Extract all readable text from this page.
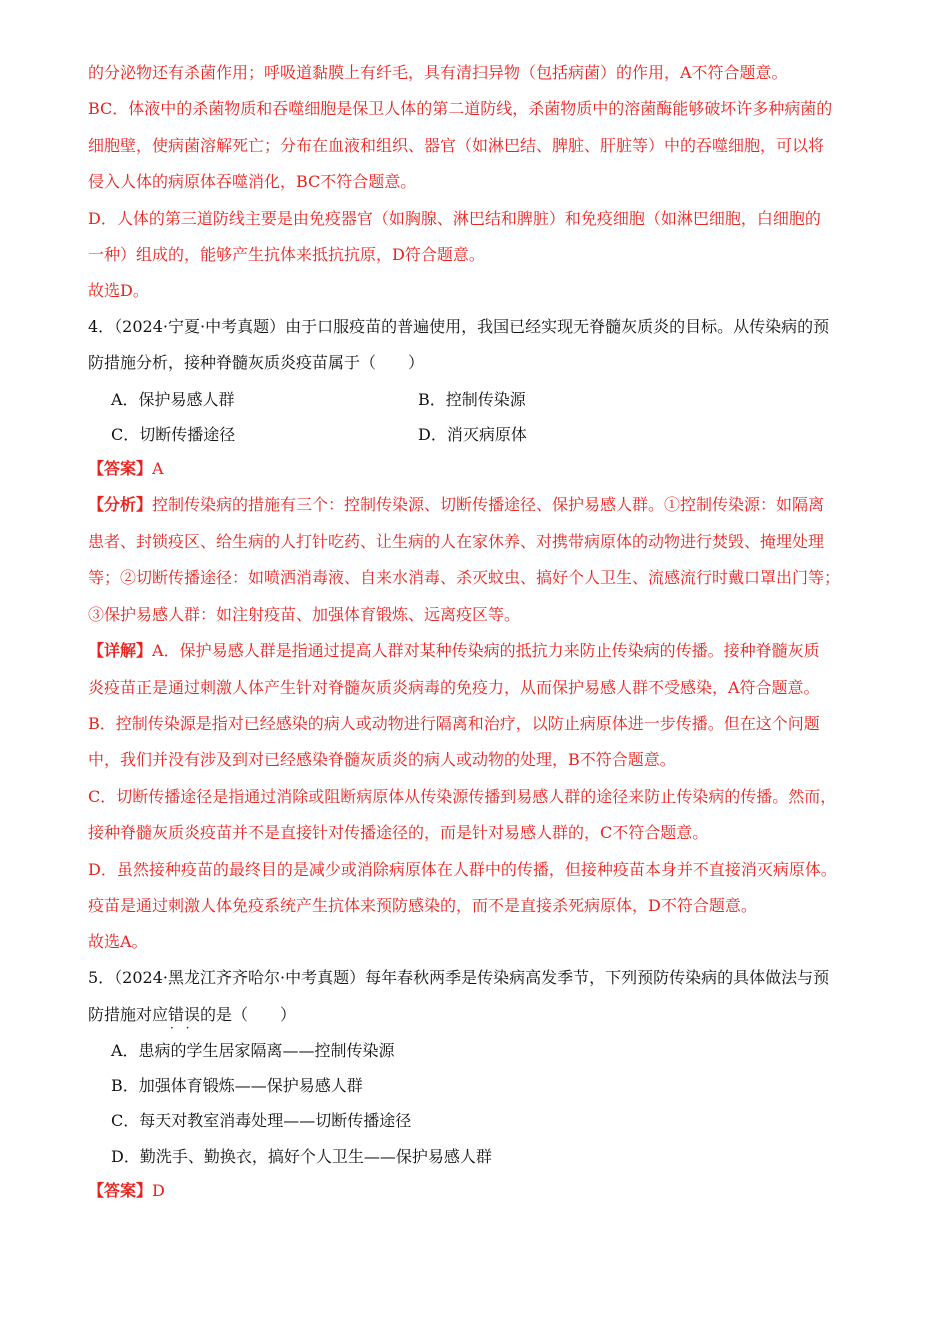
的分泌物还有杀菌作用；呼吸道黏膜上有纤毛，具有清扫异物（包括病菌）的作用，A不符合题意。
BC．体液中的杀菌物质和吞噬细胞是保卫人体的第二道防线，杀菌物质中的溶菌酶能够破坏许多种病菌的
细胞壁，使病菌溶解死亡；分布在血液和组织、器官（如淋巴结、脾脏、肝脏等）中的吞噬细胞，可以将
侵入人体的病原体吞噬消化，BC不符合题意。
D．人体的第三道防线主要是由免疫器官（如胸腺、淋巴结和脾脏）和免疫细胞（如淋巴细胞，白细胞的
一种）组成的，能够产生抗体来抵抗抗原，D符合题意。
故选D。
4．（2024·宁夏·中考真题）由于口服疫苗的普遍使用，我国已经实现无脊髓灰质炎的目标。从传染病的预
防措施分析，接种脊髓灰质炎疫苗属于（　　）
A．保护易感人群	B．控制传染源
C．切断传播途径	D．消灭病原体
【答案】A
【分析】控制传染病的措施有三个：控制传染源、切断传播途径、保护易感人群。①控制传染源：如隔离
患者、封锁疫区、给生病的人打针吃药、让生病的人在家休养、对携带病原体的动物进行焚毁、掩埋处理
等；②切断传播途径：如喷洒消毒液、自来水消毒、杀灭蚊虫、搞好个人卫生、流感流行时戴口罩出门等；
③保护易感人群：如注射疫苗、加强体育锻炼、远离疫区等。
【详解】A．保护易感人群是指通过提高人群对某种传染病的抵抗力来防止传染病的传播。接种脊髓灰质
炎疫苗正是通过刺激人体产生针对脊髓灰质炎病毒的免疫力，从而保护易感人群不受感染，A符合题意。
B．控制传染源是指对已经感染的病人或动物进行隔离和治疗，以防止病原体进一步传播。但在这个问题
中，我们并没有涉及到对已经感染脊髓灰质炎的病人或动物的处理，B不符合题意。
C．切断传播途径是指通过消除或阻断病原体从传染源传播到易感人群的途径来防止传染病的传播。然而，
接种脊髓灰质炎疫苗并不是直接针对传播途径的，而是针对易感人群的，C不符合题意。
D．虽然接种疫苗的最终目的是减少或消除病原体在人群中的传播，但接种疫苗本身并不直接消灭病原体。
疫苗是通过刺激人体免疫系统产生抗体来预防感染的，而不是直接杀死病原体，D不符合题意。
故选A。
5．（2024·黑龙江齐齐哈尔·中考真题）每年春秋两季是传染病高发季节，下列预防传染病的具体做法与预
防措施对应错误 · ·的是（　　）
A．患病的学生居家隔离——控制传染源
B．加强体育锻炼——保护易感人群
C．每天对教室消毒处理——切断传播途径
D．勤洗手、勤换衣，搞好个人卫生——保护易感人群
【答案】D
